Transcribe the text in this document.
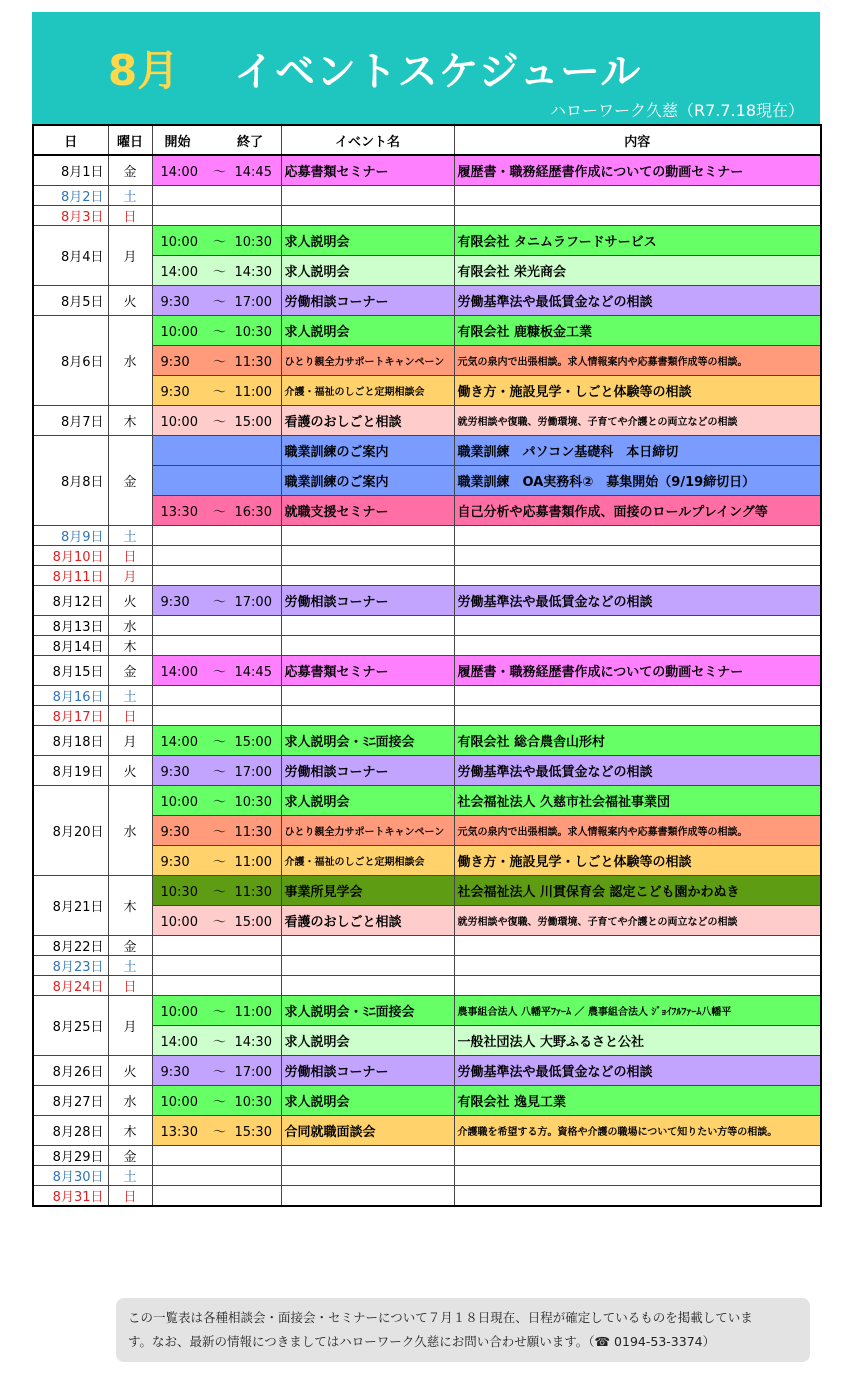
8月 イベントスケジュール
ハローワーク久慈（R7.7.18現在）
日	曜日	開始 終了	イベント名	内容
8月1日	金	14:00 ～ 14:45	応募書類セミナー	履歴書・職務経歴書作成についての動画セミナー
8月2日	土			
8月3日	日			
8月4日	月	10:00 ～ 10:30	求人説明会	有限会社 タニムラフードサービス
		14:00 ～ 14:30	求人説明会	有限会社 栄光商会
8月5日	火	9:30 ～ 17:00	労働相談コーナー	労働基準法や最低賃金などの相談
8月6日	水	10:00 ～ 10:30	求人説明会	有限会社 鹿糠板金工業
		9:30 ～ 11:30	ひとり親全力サポートキャンペーン	元気の泉内で出張相談。求人情報案内や応募書類作成等の相談。
		9:30 ～ 11:00	介護・福祉のしごと定期相談会	働き方・施設見学・しごと体験等の相談
8月7日	木	10:00 ～ 15:00	看護のおしごと相談	就労相談や復職、労働環境、子育てや介護との両立などの相談
8月8日	金		職業訓練のご案内	職業訓練　パソコン基礎科　本日締切
			職業訓練のご案内	職業訓練　OA実務科②　募集開始（9/19締切日）
		13:30 ～ 16:30	就職支援セミナー	自己分析や応募書類作成、面接のロールプレイング等
8月9日	土			
8月10日	日			
8月11日	月			
8月12日	火	9:30 ～ 17:00	労働相談コーナー	労働基準法や最低賃金などの相談
8月13日	水			
8月14日	木			
8月15日	金	14:00 ～ 14:45	応募書類セミナー	履歴書・職務経歴書作成についての動画セミナー
8月16日	土			
8月17日	日			
8月18日	月	14:00 ～ 15:00	求人説明会・ﾐﾆ面接会	有限会社 総合農舎山形村
8月19日	火	9:30 ～ 17:00	労働相談コーナー	労働基準法や最低賃金などの相談
8月20日	水	10:00 ～ 10:30	求人説明会	社会福祉法人 久慈市社会福祉事業団
		9:30 ～ 11:30	ひとり親全力サポートキャンペーン	元気の泉内で出張相談。求人情報案内や応募書類作成等の相談。
		9:30 ～ 11:00	介護・福祉のしごと定期相談会	働き方・施設見学・しごと体験等の相談
8月21日	木	10:30 ～ 11:30	事業所見学会	社会福祉法人 川貫保育会 認定こども園かわぬき
		10:00 ～ 15:00	看護のおしごと相談	就労相談や復職、労働環境、子育てや介護との両立などの相談
8月22日	金			
8月23日	土			
8月24日	日			
8月25日	月	10:00 ～ 11:00	求人説明会・ﾐﾆ面接会	農事組合法人 八幡平ﾌｧｰﾑ ／ 農事組合法人 ｼﾞｮｲﾌﾙﾌｧｰﾑ八幡平
		14:00 ～ 14:30	求人説明会	一般社団法人 大野ふるさと公社
8月26日	火	9:30 ～ 17:00	労働相談コーナー	労働基準法や最低賃金などの相談
8月27日	水	10:00 ～ 10:30	求人説明会	有限会社 逸見工業
8月28日	木	13:30 ～ 15:30	合同就職面談会	介護職を希望する方。資格や介護の職場について知りたい方等の相談。
8月29日	金			
8月30日	土			
8月31日	日			
この一覧表は各種相談会・面接会・セミナーについて７月１８日現在、日程が確定しているものを掲載していま
す。なお、最新の情報につきましてはハローワーク久慈にお問い合わせ願います。（☎ 0194-53-3374）
